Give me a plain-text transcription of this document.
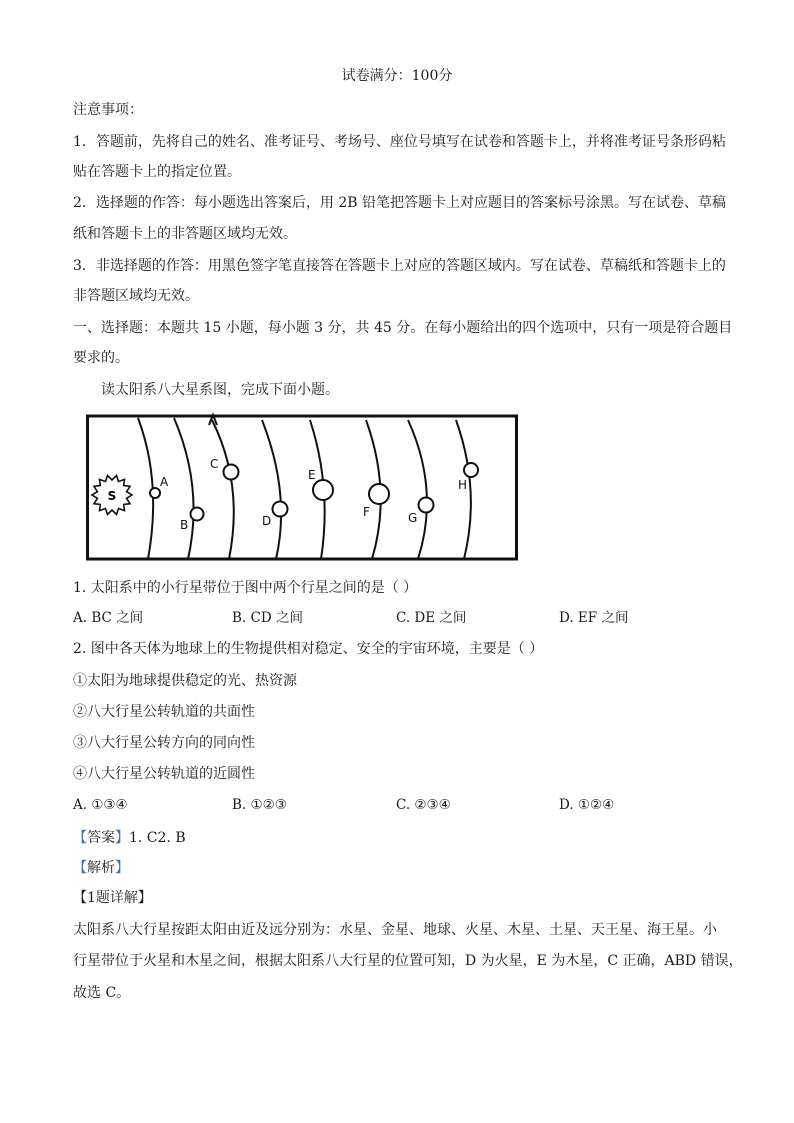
试卷满分：100分
注意事项：
1．答题前，先将自己的姓名、准考证号、考场号、座位号填写在试卷和答题卡上，并将准考证号条形码粘
贴在答题卡上的指定位置。
2．选择题的作答：每小题选出答案后，用 2B 铅笔把答题卡上对应题目的答案标号涂黑。写在试卷、草稿
纸和答题卡上的非答题区域均无效。
3．非选择题的作答：用黑色签字笔直接答在答题卡上对应的答题区域内。写在试卷、草稿纸和答题卡上的
非答题区域均无效。
一、选择题：本题共 15 小题，每小题 3 分，共 45 分。在每小题给出的四个选项中，只有一项是符合题目
要求的。
读太阳系八大星系图，完成下面小题。
S
A
B
C
D
E
F	G
H
1. 太阳系中的小行星带位于图中两个行星之间的是（ ）
A. BC 之间	B. CD 之间	C. DE 之间	D. EF 之间
2. 图中各天体为地球上的生物提供相对稳定、安全的宇宙环境，主要是（ ）
①太阳为地球提供稳定的光、热资源
②八大行星公转轨道的共面性
③八大行星公转方向的同向性
④八大行星公转轨道的近圆性
A. ①③④	B. ①②③	C. ②③④	D. ①②④
【答案】1. C2. B
【解析】
【1题详解】
太阳系八大行星按距太阳由近及远分别为：水星、金星、地球、火星、木星、土星、天王星、海王星。小
行星带位于火星和木星之间，根据太阳系八大行星的位置可知，D 为火星，E 为木星，C 正确，ABD 错误，
故选 C。
